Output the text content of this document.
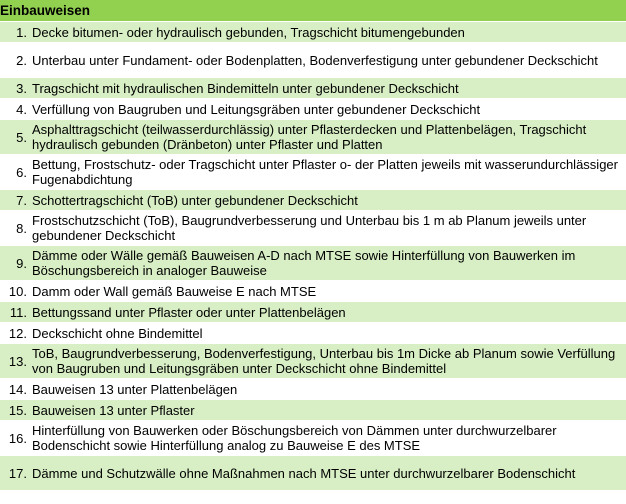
Einbauweisen	
1.	Decke bitumen- oder hydraulisch gebunden, Tragschicht bitumengebunden
2.	Unterbau unter Fundament- oder Bodenplatten, Bodenverfestigung unter gebundener Deckschicht
3.	Tragschicht mit hydraulischen Bindemitteln unter gebundener Deckschicht
4.	Verfüllung von Baugruben und Leitungsgräben unter gebundener Deckschicht
5.	Asphalttragschicht (teilwasserdurchlässig) unter Pflasterdecken und Plattenbelägen, Tragschicht hydraulisch gebunden (Dränbeton) unter Pflaster und Platten
6.	Bettung, Frostschutz- oder Tragschicht unter Pflaster o- der Platten jeweils mit wasserundurchlässiger Fugenabdichtung
7.	Schottertragschicht (ToB) unter gebundener Deckschicht
8.	Frostschutzschicht (ToB), Baugrundverbesserung und Unterbau bis 1 m ab Planum jeweils unter gebundener Deckschicht
9.	Dämme oder Wälle gemäß Bauweisen A-D nach MTSE sowie Hinterfüllung von Bauwerken im Böschungsbereich in analoger Bauweise
10.	Damm oder Wall gemäß Bauweise E nach MTSE
11.	Bettungssand unter Pflaster oder unter Plattenbelägen
12.	Deckschicht ohne Bindemittel
13.	ToB, Baugrundverbesserung, Bodenverfestigung, Unterbau bis 1m Dicke ab Planum sowie Verfüllung von Baugruben und Leitungsgräben unter Deckschicht ohne Bindemittel
14.	Bauweisen 13 unter Plattenbelägen
15.	Bauweisen 13 unter Pflaster
16.	Hinterfüllung von Bauwerken oder Böschungsbereich von Dämmen unter durchwurzelbarer Bodenschicht sowie Hinterfüllung analog zu Bauweise E des MTSE
17.	Dämme und Schutzwälle ohne Maßnahmen nach MTSE unter durchwurzelbarer Bodenschicht
